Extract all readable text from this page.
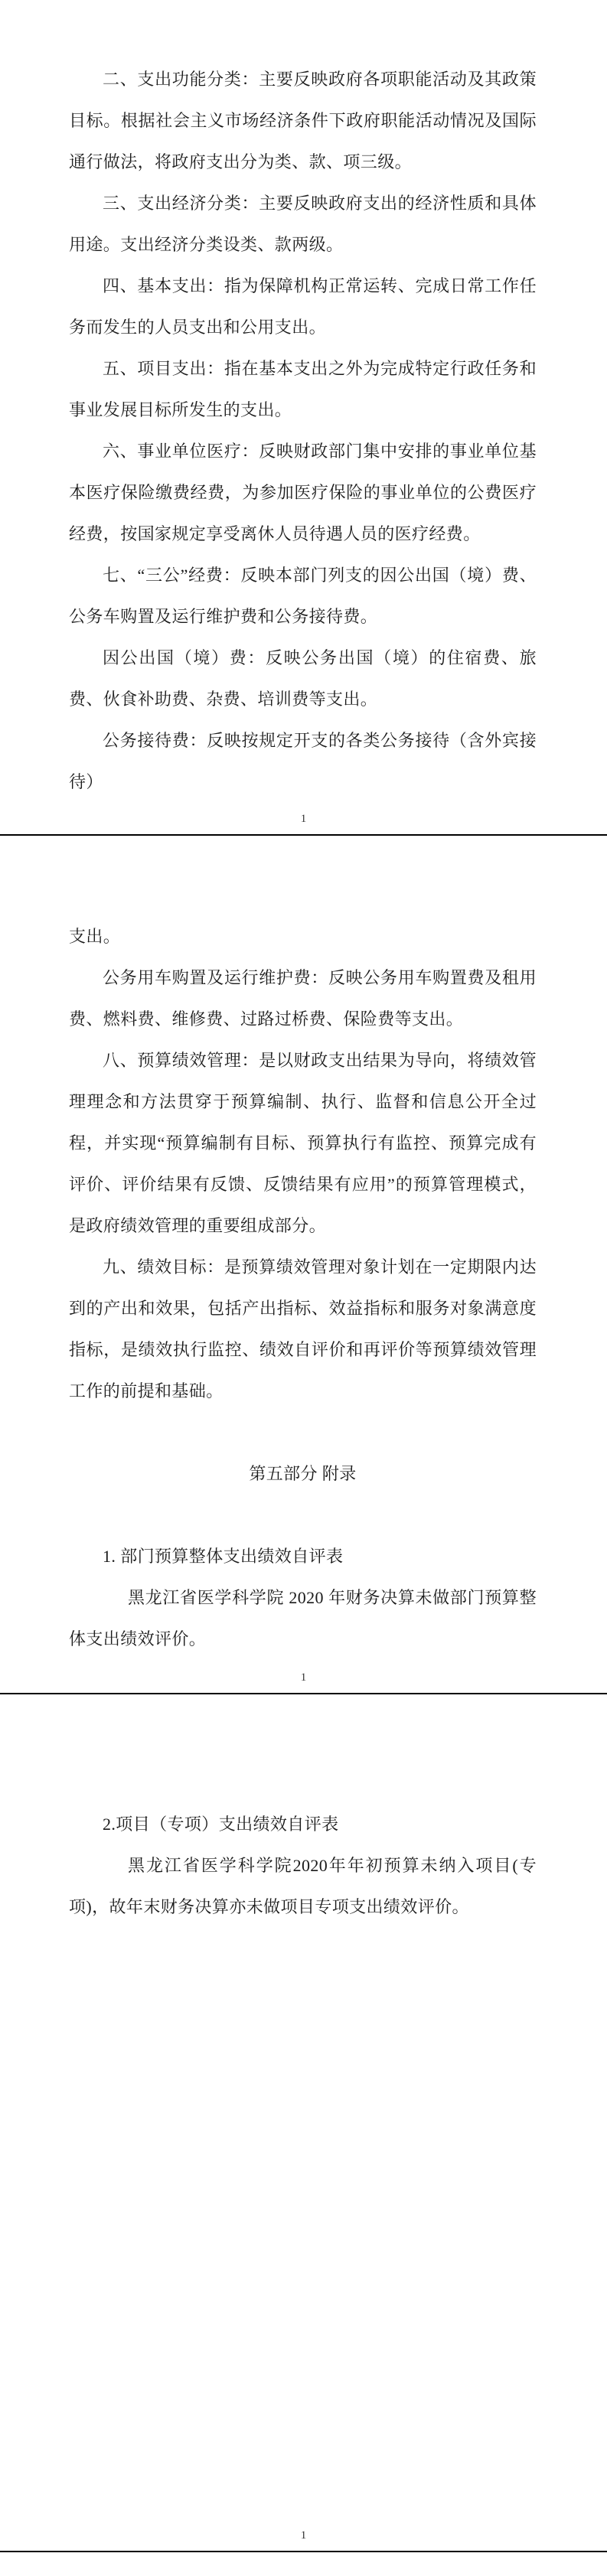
二、支出功能分类：主要反映政府各项职能活动及其政策目标。根据社会主义市场经济条件下政府职能活动情况及国际通行做法，将政府支出分为类、款、项三级。

三、支出经济分类：主要反映政府支出的经济性质和具体用途。支出经济分类设类、款两级。

四、基本支出：指为保障机构正常运转、完成日常工作任务而发生的人员支出和公用支出。

五、项目支出：指在基本支出之外为完成特定行政任务和事业发展目标所发生的支出。

六、事业单位医疗：反映财政部门集中安排的事业单位基本医疗保险缴费经费，为参加医疗保险的事业单位的公费医疗经费，按国家规定享受离休人员待遇人员的医疗经费。

七、“三公”经费：反映本部门列支的因公出国（境）费、公务车购置及运行维护费和公务接待费。

因公出国（境）费：反映公务出国（境）的住宿费、旅费、伙食补助费、杂费、培训费等支出。

公务接待费：反映按规定开支的各类公务接待（含外宾接待）

1

支出。

公务用车购置及运行维护费：反映公务用车购置费及租用费、燃料费、维修费、过路过桥费、保险费等支出。

八、预算绩效管理：是以财政支出结果为导向，将绩效管理理念和方法贯穿于预算编制、执行、监督和信息公开全过程，并实现“预算编制有目标、预算执行有监控、预算完成有评价、评价结果有反馈、反馈结果有应用”的预算管理模式，是政府绩效管理的重要组成部分。

九、绩效目标：是预算绩效管理对象计划在一定期限内达到的产出和效果，包括产出指标、效益指标和服务对象满意度指标，是绩效执行监控、绩效自评价和再评价等预算绩效管理工作的前提和基础。

第五部分 附录

1. 部门预算整体支出绩效自评表

黑龙江省医学科学院 2020 年财务决算未做部门预算整体支出绩效评价。

1

2.项目（专项）支出绩效自评表

黑龙江省医学科学院2020年年初预算未纳入项目(专项)，故年末财务决算亦未做项目专项支出绩效评价。

1
